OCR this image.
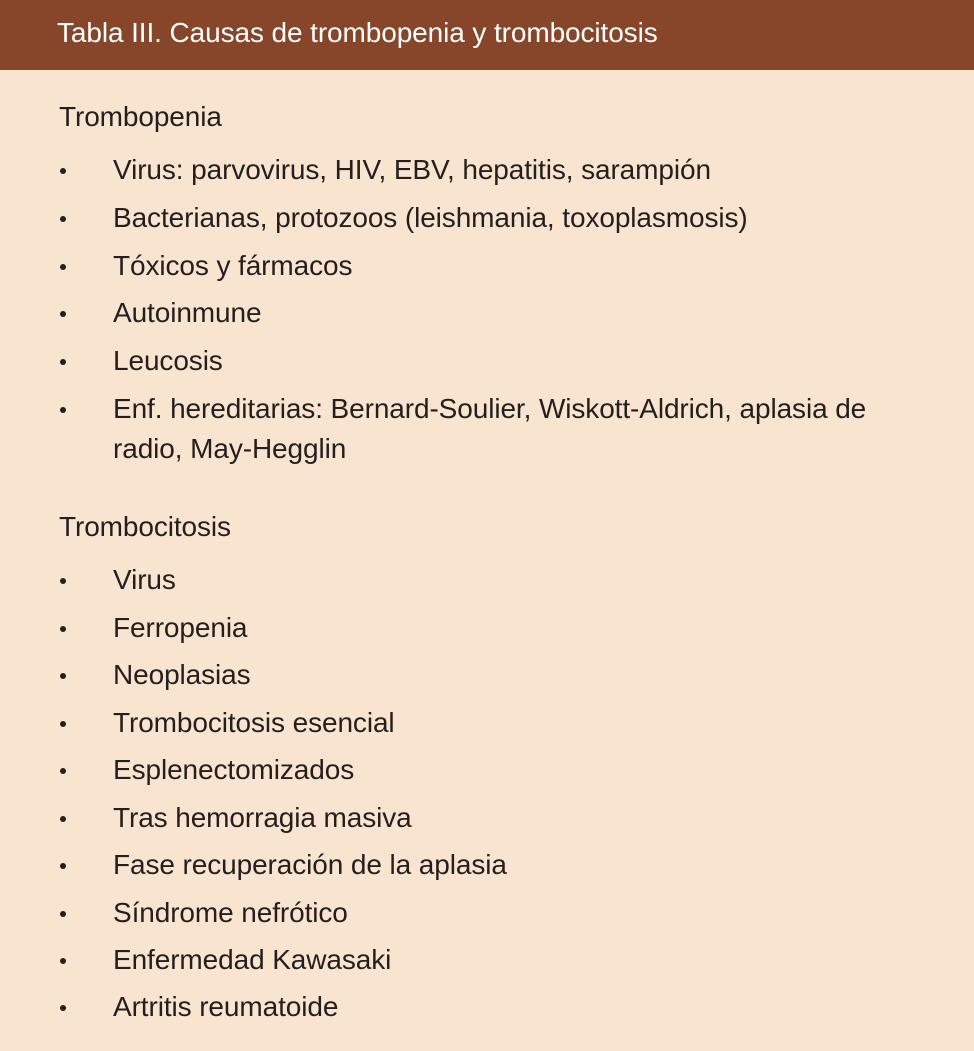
Tabla III. Causas de trombopenia y trombocitosis
Trombopenia
Virus: parvovirus, HIV, EBV, hepatitis, sarampión
Bacterianas, protozoos (leishmania, toxoplasmosis)
Tóxicos y fármacos
Autoinmune
Leucosis
Enf. hereditarias: Bernard-Soulier, Wiskott-Aldrich, aplasia de radio, May-Hegglin
Trombocitosis
Virus
Ferropenia
Neoplasias
Trombocitosis esencial
Esplenectomizados
Tras hemorragia masiva
Fase recuperación de la aplasia
Síndrome nefrótico
Enfermedad Kawasaki
Artritis reumatoide
